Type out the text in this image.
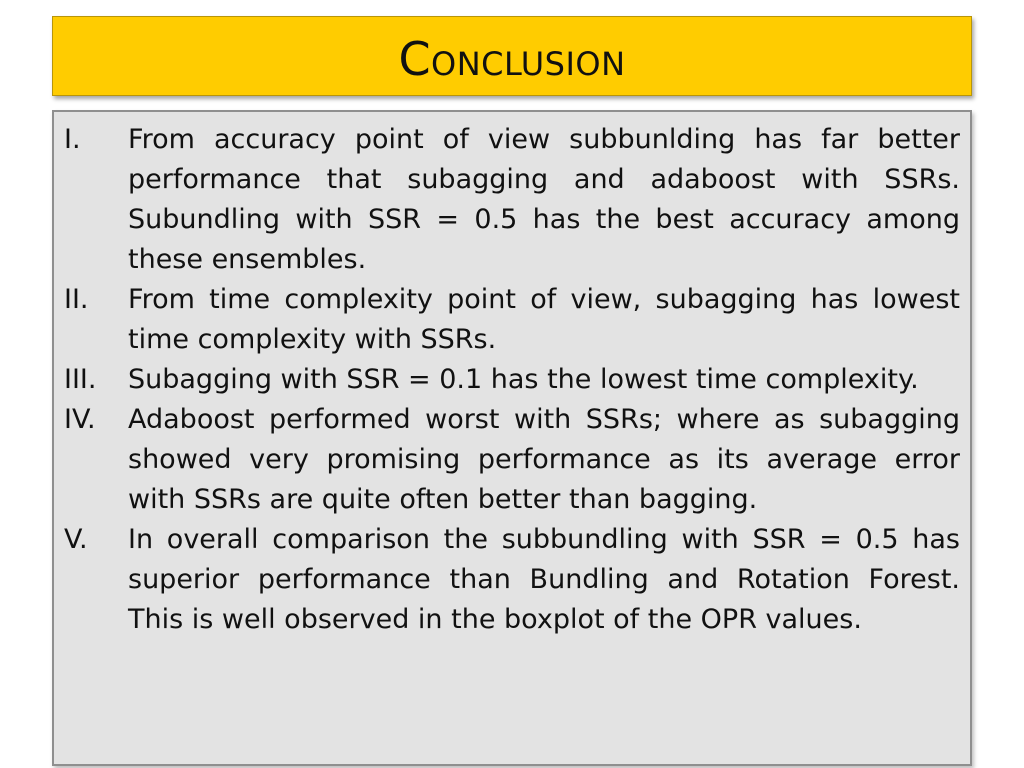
Conclusion
I.	From accuracy point of view subbunlding has far better performance that subagging and adaboost with SSRs. Subundling with SSR = 0.5 has the best accuracy among these ensembles.
II.	From time complexity point of view, subagging has lowest time complexity with SSRs.
III.	Subagging with SSR = 0.1 has the lowest time complexity.
IV.	Adaboost performed worst with SSRs; where as subagging showed very promising performance as its average error with SSRs are quite often better than bagging.
V.	In overall comparison the subbundling with SSR = 0.5 has superior performance than Bundling and Rotation Forest. This is well observed in the boxplot of the OPR values.
